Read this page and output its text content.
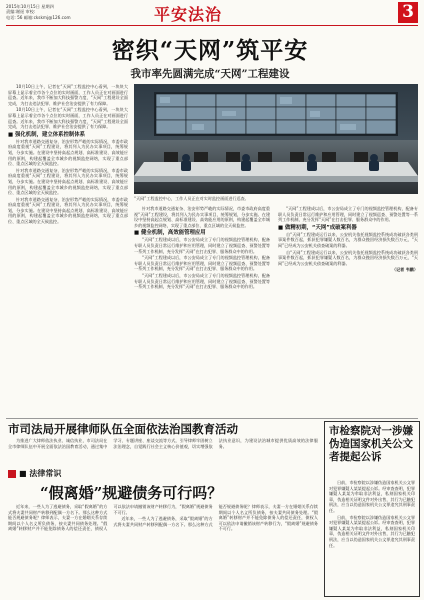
2015年10月15日 星期四
责编:谢遥 审校:
电话: 56 邮箱:ckskmj@126.com	平安法治	3
密织“天网”筑平安
我市率先圆满完成“天网”工程建设

10月10日上午，记者在“天网”工程监控中心看到，一块块大屏幕上显示着全市各个点位的实时画面，工作人员正在对画面进行巡查。近年来，我市不断加大科技强警力度，“天网”工程建设全面完成，为打击违法犯罪、维护社会治安提供了有力保障。

10月10日上午，记者在“天网”工程监控中心看到，一块块大屏幕上显示着全市各个点位的实时画面，工作人员正在对画面进行巡查。近年来，我市不断加大科技强警力度，“天网”工程建设全面完成，为打击违法犯罪、维护社会治安提供了有力保障。

■ 强化机制，建立体系控制体系

针对我市道路交通复杂、治安形势严峻的实际情况，市委市政府高度重视“天网”工程建设，将其列入为民办实事项目，统筹规划，分步实施。在建设中坚持高起点规划、高标准建设、高效能应用的原则，构建起覆盖全市城乡的视频监控网络，实现了重点部位、重点区域的全天候监控。

针对我市道路交通复杂、治安形势严峻的实际情况，市委市政府高度重视“天网”工程建设，将其列入为民办实事项目，统筹规划，分步实施。在建设中坚持高起点规划、高标准建设、高效能应用的原则，构建起覆盖全市城乡的视频监控网络，实现了重点部位、重点区域的全天候监控。

针对我市道路交通复杂、治安形势严峻的实际情况，市委市政府高度重视“天网”工程建设，将其列入为民办实事项目，统筹规划，分步实施。在建设中坚持高起点规划、高标准建设、高效能应用的原则，构建起覆盖全市城乡的视频监控网络，实现了重点部位、重点区域的全天候监控。

“天网”工程监控中心，工作人员正在对实时监控画面进行巡查。

针对我市道路交通复杂、治安形势严峻的实际情况，市委市政府高度重视“天网”工程建设，将其列入为民办实事项目，统筹规划，分步实施。在建设中坚持高起点规划、高标准建设、高效能应用的原则，构建起覆盖全市城乡的视频监控网络，实现了重点部位、重点区域的全天候监控。

■ 健全机制，高效能管理应用

“天网”工程建成以后，市公安局成立了专门的视频监控管理机构，配备专职人员负责日常运行维护和应用管理，同时建立了视频巡查、预警处置等一系列工作机制，充分发挥“天网”在打击犯罪、服务群众中的作用。

“天网”工程建成以后，市公安局成立了专门的视频监控管理机构，配备专职人员负责日常运行维护和应用管理，同时建立了视频巡查、预警处置等一系列工作机制，充分发挥“天网”在打击犯罪、服务群众中的作用。

“天网”工程建成以后，市公安局成立了专门的视频监控管理机构，配备专职人员负责日常运行维护和应用管理，同时建立了视频巡查、预警处置等一系列工作机制，充分发挥“天网”在打击犯罪、服务群众中的作用。

“天网”工程建成以后，市公安局成立了专门的视频监控管理机构，配备专职人员负责日常运行维护和应用管理，同时建立了视频巡查、预警处置等一系列工作机制，充分发挥“天网”在打击犯罪、服务群众中的作用。

■ 做精初期，“天网”成破案利器

自“天网”工程建成运行以来，公安机关依托视频监控系统成功破获各类刑事案件数百起，抓获犯罪嫌疑人数百名，为群众挽回经济损失数百万元，“天网”已经成为公安机关侦查破案的利器。

自“天网”工程建成运行以来，公安机关依托视频监控系统成功破获各类刑事案件数百起，抓获犯罪嫌疑人数百名，为群众挽回经济损失数百万元，“天网”已经成为公安机关侦查破案的利器。

（记者 韦鹏）

市司法局开展律师队伍全面依法治国教育活动

为推进广大律师依法执业、诚信执业，市司法局在全市律师队伍中开展全面依法治国教育活动，通过集中学习、专题讲座、座谈交流等方式，引导律师牢固树立法治理念，自觉践行社会主义核心价值观，切实增强依法执业意识，为建设法治城市提供优质高效的法律服务。

■ 法律常识
“假离婚”规避债务可行吗？

近年来，一些人为了逃避债务，采取“假离婚”的方式将夫妻共同财产转移到配偶一方名下。那么这种方式能否规避债务呢？律师表示，夫妻一方在婚姻关系存续期间以个人名义所负债务，按夫妻共同债务处理。“假离婚”转移财产并不能免除债务人的偿还责任，债权人可以依法申请撤销该财产转移行为，“假离婚”规避债务不可行。

近年来，一些人为了逃避债务，采取“假离婚”的方式将夫妻共同财产转移到配偶一方名下。那么这种方式能否规避债务呢？律师表示，夫妻一方在婚姻关系存续期间以个人名义所负债务，按夫妻共同债务处理。“假离婚”转移财产并不能免除债务人的偿还责任，债权人可以依法申请撤销该财产转移行为，“假离婚”规避债务不可行。

市检察院对一涉嫌伪造国家机关公文者提起公诉

日前，市检察院以涉嫌伪造国家机关公文罪对犯罪嫌疑人某某提起公诉。经审查查明，犯罪嫌疑人某某为牟取非法利益，私刻国家机关印章，伪造相关证明文件对外出售，其行为已触犯刑法，应当以伪造国家机关公文罪追究其刑事责任。

日前，市检察院以涉嫌伪造国家机关公文罪对犯罪嫌疑人某某提起公诉。经审查查明，犯罪嫌疑人某某为牟取非法利益，私刻国家机关印章，伪造相关证明文件对外出售，其行为已触犯刑法，应当以伪造国家机关公文罪追究其刑事责任。
